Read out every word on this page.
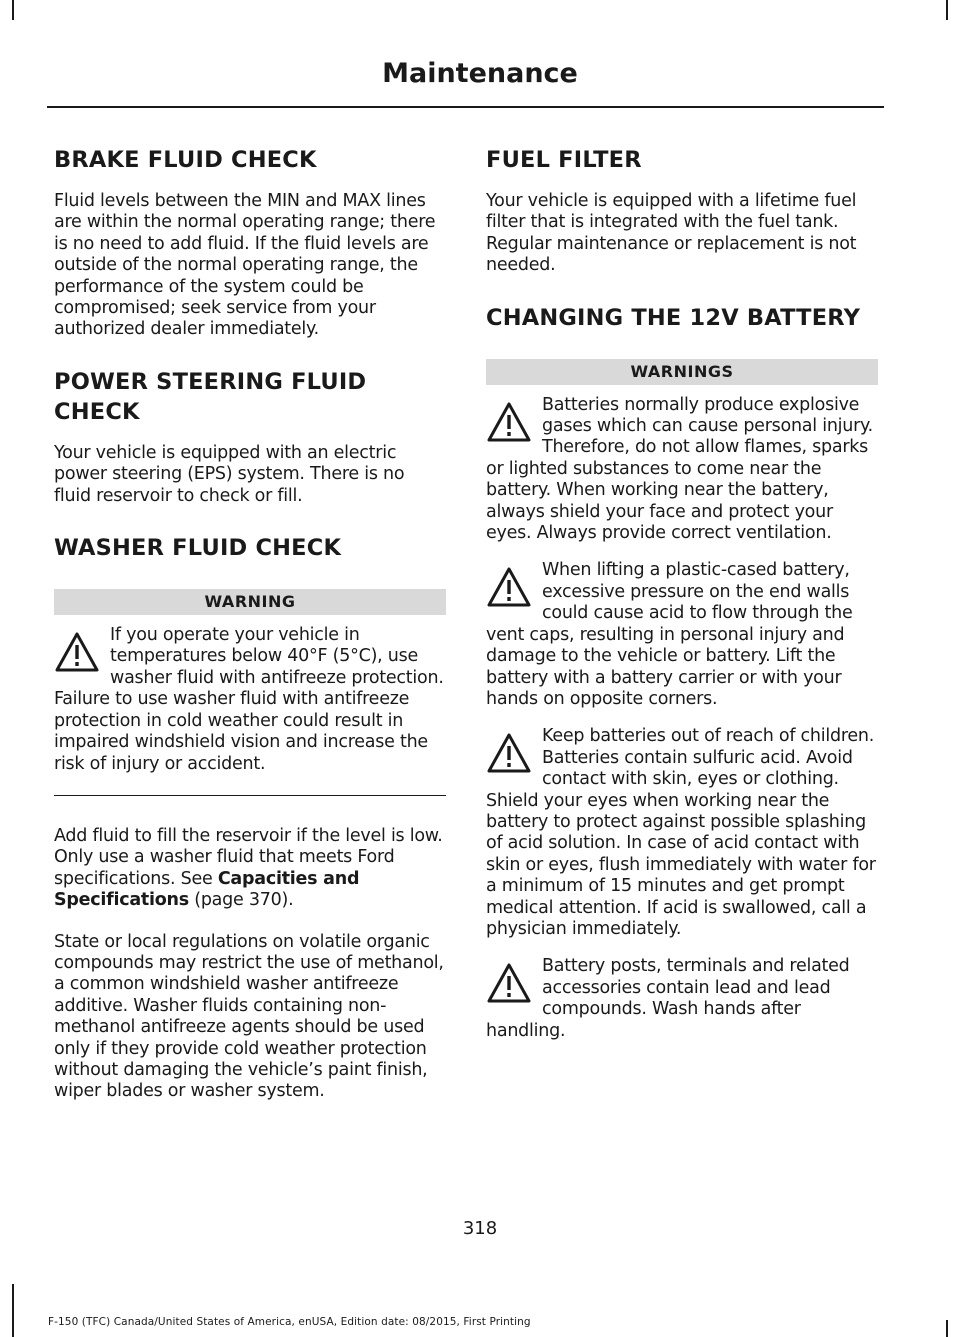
Maintenance
BRAKE FLUID CHECK

Fluid levels between the MIN and MAX lines are within the normal operating range; there is no need to add fluid. If the fluid levels are outside of the normal operating range, the performance of the system could be compromised; seek service from your authorized dealer immediately.

POWER STEERING FLUID CHECK

Your vehicle is equipped with an electric power steering (EPS) system. There is no fluid reservoir to check or fill.

WASHER FLUID CHECK
WARNING
If you operate your vehicle in temperatures below 40°F (5°C), use washer fluid with antifreeze protection. Failure to use washer fluid with antifreeze protection in cold weather could result in impaired windshield vision and increase the risk of injury or accident.

Add fluid to fill the reservoir if the level is low. Only use a washer fluid that meets Ford specifications. See Capacities and Specifications (page 370).

State or local regulations on volatile organic compounds may restrict the use of methanol, a common windshield washer antifreeze additive. Washer fluids containing non-methanol antifreeze agents should be used only if they provide cold weather protection without damaging the vehicle’s paint finish, wiper blades or washer system.

FUEL FILTER

Your vehicle is equipped with a lifetime fuel filter that is integrated with the fuel tank. Regular maintenance or replacement is not needed.

CHANGING THE 12V BATTERY
WARNINGS
Batteries normally produce explosive gases which can cause personal injury. Therefore, do not allow flames, sparks or lighted substances to come near the battery. When working near the battery, always shield your face and protect your eyes. Always provide correct ventilation.
When lifting a plastic-cased battery, excessive pressure on the end walls could cause acid to flow through the vent caps, resulting in personal injury and damage to the vehicle or battery. Lift the battery with a battery carrier or with your hands on opposite corners.
Keep batteries out of reach of children. Batteries contain sulfuric acid. Avoid contact with skin, eyes or clothing. Shield your eyes when working near the battery to protect against possible splashing of acid solution. In case of acid contact with skin or eyes, flush immediately with water for a minimum of 15 minutes and get prompt medical attention. If acid is swallowed, call a physician immediately.
Battery posts, terminals and related accessories contain lead and lead compounds. Wash hands after handling.
318
F-150 (TFC) Canada/United States of America, enUSA, Edition date: 08/2015, First Printing
